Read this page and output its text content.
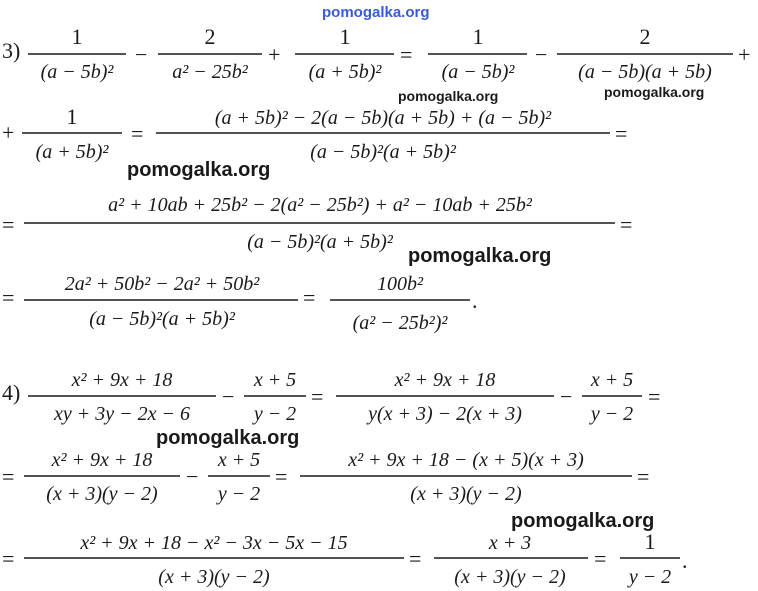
pomogalka.org
3)
1
(a − 5b)²
−
2
a² − 25b²
+
1
(a + 5b)²
=
1
(a − 5b)²
−
2
(a − 5b)(a + 5b)
+
pomogalka.org	pomogalka.org
+
1
(a + 5b)²
=
(a + 5b)² − 2(a − 5b)(a + 5b) + (a − 5b)²
(a − 5b)²(a + 5b)²
=
pomogalka.org
=
a² + 10ab + 25b² − 2(a² − 25b²) + a² − 10ab + 25b²
(a − 5b)²(a + 5b)²
=
pomogalka.org
=
2a² + 50b² − 2a² + 50b²
(a − 5b)²(a + 5b)²
=
100b²
(a² − 25b²)²
.
4)	x² + 9x + 18
xy + 3y − 2x − 6
−
x + 5
y − 2
=
x² + 9x + 18
y(x + 3) − 2(x + 3)
−
x + 5
y − 2
=
pomogalka.org
=
x² + 9x + 18
(x + 3)(y − 2)
−
x + 5
y − 2
=
x² + 9x + 18 − (x + 5)(x + 3)
(x + 3)(y − 2)
=
pomogalka.org
=
x² + 9x + 18 − x² − 3x − 5x − 15
(x + 3)(y − 2)
=
x + 3
(x + 3)(y − 2)
=
1
y − 2
.
